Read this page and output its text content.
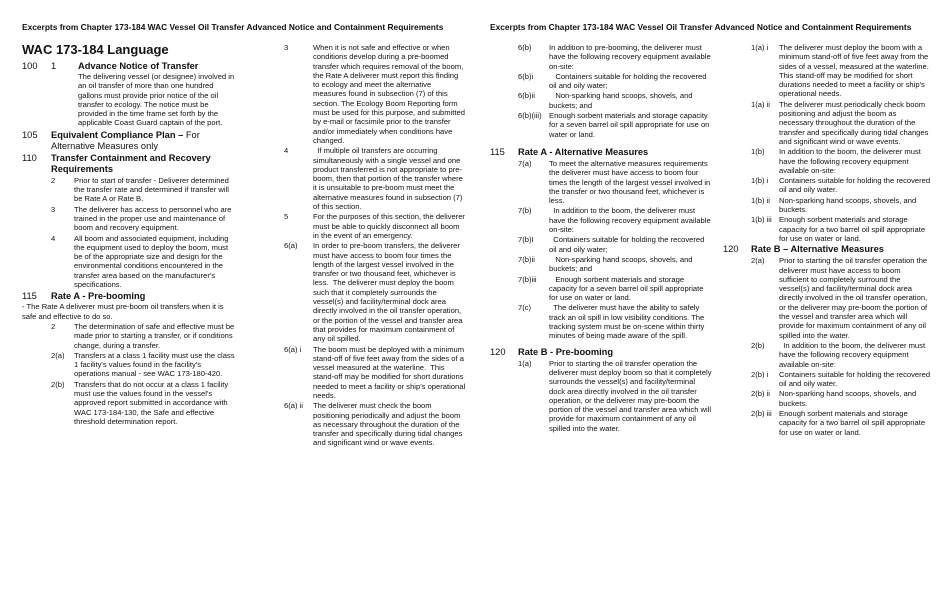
Excerpts from Chapter 173-184 WAC Vessel Oil Transfer Advanced Notice and Containment Requirements
WAC 173-184 Language
100	1	Advance Notice of Transfer
The delivering vessel (or designee) involved in an oil transfer of more than one hundred gallons must provide prior notice of the oil transfer to ecology. The notice must be provided in the time frame set forth by the applicable Coast Guard captain of the port.
105	Equivalent Compliance Plan – For Alternative Measures only
110	Transfer Containment and Recovery Requirements
2	Prior to start of transfer - Deliverer determined the transfer rate and determined if transfer will be Rate A or Rate B.
3	The deliverer has access to personnel who are trained in the proper use and maintenance of boom and recovery equipment.
4	All boom and associated equipment, including the equipment used to deploy the boom, must be of the appropriate size and design for the environmental conditions encountered in the transfer area based on the manufacturer's specifications.
115	Rate A - Pre-booming
- The Rate A deliverer must pre-boom oil transfers when it is safe and effective to do so.
2	The determination of safe and effective must be made prior to starting a transfer, or if conditions change, during a transfer.
2(a)	Transfers at a class 1 facility must use the class 1 facility's values found in the facility's operations manual - see WAC 173-180-420.
2(b)	Transfers that do not occur at a class 1 facility must use the values found in the vessel's approved report submitted in accordance with WAC 173-184-130, the Safe and effective threshold determination report.
3	When it is not safe and effective or when conditions develop during a pre-boomed transfer which requires removal of the boom, the Rate A deliverer must report this finding to ecology and meet the alternative measures found in subsection (7) of this section. The Ecology Boom Reporting form must be used for this purpose, and submitted by e-mail or facsimile prior to the transfer and/or immediately when conditions have changed.
4	If multiple oil transfers are occurring simultaneously with a single vessel and one product transferred is not appropriate to pre-boom, then that portion of the transfer where it is unsuitable to pre-boom must meet the alternative measures found in subsection (7) of this section.
5	For the purposes of this section, the deliverer must be able to quickly disconnect all boom in the event of an emergency.
6(a)	In order to pre-boom transfers, the deliverer must have access to boom four times the length of the largest vessel involved in the transfer or two thousand feet, whichever is less.  The deliverer must deploy the boom such that it completely surrounds the vessel(s) and facility/terminal dock area directly involved in the oil transfer operation, or the portion of the vessel and transfer area that provides for maximum containment of any oil spilled.
6(a) i	The boom must be deployed with a minimum stand-off of five feet away from the sides of a vessel measured at the waterline.  This stand-off may be modified for short durations needed to meet a facility or ship's operational needs.
6(a) ii	The deliverer must check the boom positioning periodically and adjust the boom as necessary throughout the duration of the transfer and specifically during tidal changes and significant wind or wave events.
Excerpts from Chapter 173-184 WAC Vessel Oil Transfer Advanced Notice and Containment Requirements
6(b)	In addition to pre-booming, the deliverer must have the following recovery equipment available on-site:
6(b)i	Containers suitable for holding the recovered oil and oily water;
6(b)ii	Non-sparking hand scoops, shovels, and buckets; and
6(b)(iii) Enough sorbent materials and storage capacity for a seven barrel oil spill appropriate for use on water or land.
115	Rate A - Alternative Measures
7(a)	To meet the alternative measures requirements the deliverer must have access to boom four times the length of the largest vessel involved in the transfer or two thousand feet, whichever is less.
7(b)	In addition to the boom, the deliverer must have the following recovery equipment available on-site:
7(b)I	Containers suitable for holding the recovered oil and oily water;
7(b)ii	Non-sparking hand scoops, shovels, and buckets; and
7(b)iii	Enough sorbent materials and storage capacity for a seven barrel oil spill appropriate for use on water or land.
7(c)	The deliverer must have the ability to safely track an oil spill in low visibility conditions. The tracking system must be on-scene within thirty minutes of being made aware of the spill.
120	Rate B - Pre-booming
1(a)	Prior to starting the oil transfer operation the deliverer must deploy boom so that it completely surrounds the vessel(s) and facility/terminal dock area directly involved in the oil transfer operation, or the deliverer may pre-boom the portion of the vessel and transfer area which will provide for maximum containment of any oil spilled into the water.
1(a) i	The deliverer must deploy the boom with a minimum stand-off of five feet away from the sides of a vessel, measured at the waterline.  This stand-off may be modified for short durations needed to meet a facility or ship's operational needs.
1(a) ii	The deliverer must periodically check boom positioning and adjust the boom as necessary throughout the duration of the transfer and specifically during tidal changes and significant wind or wave events.
1(b)	In addition to the boom, the deliverer must have the following recovery equipment available on-site:
1(b) i	Containers suitable for holding the recovered oil and oily water.
1(b) ii	Non-sparking hand scoops, shovels, and buckets.
1(b) iii Enough sorbent materials and storage capacity for a two barrel oil spill appropriate for use on water or land.
120	Rate B – Alternative Measures
2(a)	Prior to starting the oil transfer operation the deliverer must have access to boom sufficient to completely surround the vessel(s) and facility/terminal dock area directly involved in the oil transfer operation, or the deliverer may pre-boom the portion of the vessel and transfer area which will provide for maximum containment of any oil spilled into the water.
2(b)	In addition to the boom, the deliverer must have the following recovery equipment available on-site:
2(b) i	Containers suitable for holding the recovered oil and oily water.
2(b) ii	Non-sparking hand scoops, shovels, and buckets.
2(b) iii Enough sorbent materials and storage capacity for a two barrel oil spill appropriate for use on water or land.
